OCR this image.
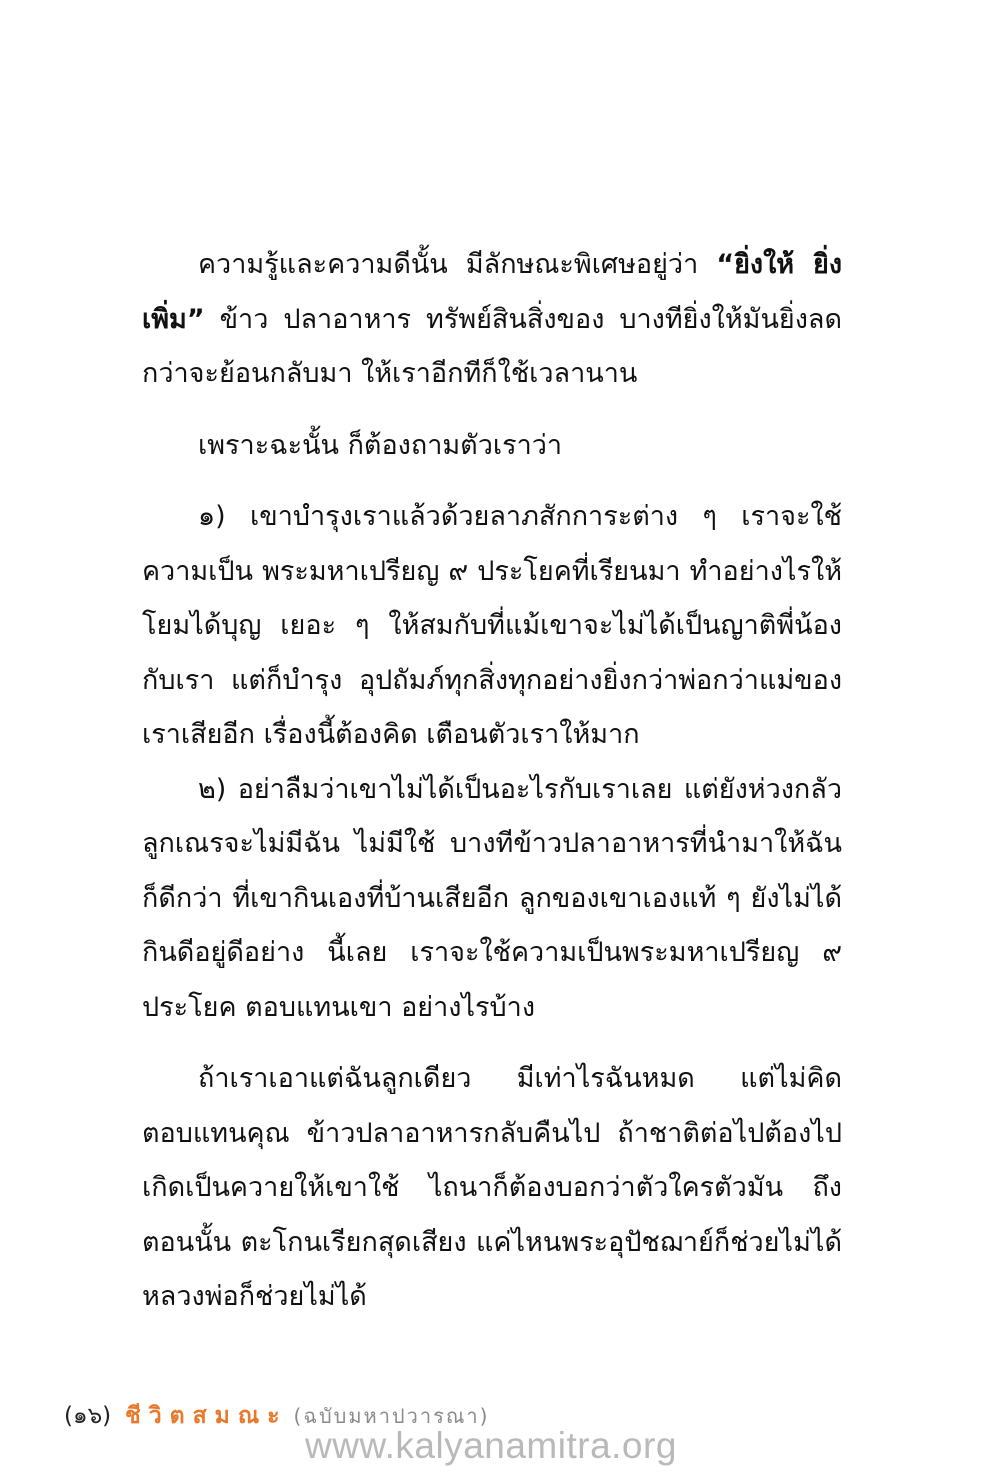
ความรู้และความดีนั้น มีลักษณะพิเศษอยู่ว่า “ยิ่งให้ ยิ่งเพิ่ม” ข้าว ปลาอาหาร ทรัพย์สินสิ่งของ บางทียิ่งให้มันยิ่งลด กว่าจะย้อนกลับมา ให้เราอีกทีก็ใช้เวลานาน

เพราะฉะนั้น ก็ต้องถามตัวเราว่า

๑) เขาบำรุงเราแล้วด้วยลาภสักการะต่าง ๆ เราจะใช้ความเป็น พระมหาเปรียญ ๙ ประโยคที่เรียนมา ทำอย่างไรให้โยมได้บุญ เยอะ ๆ ให้สมกับที่แม้เขาจะไม่ได้เป็นญาติพี่น้องกับเรา แต่ก็บำรุง อุปถัมภ์ทุกสิ่งทุกอย่างยิ่งกว่าพ่อกว่าแม่ของเราเสียอีก เรื่องนี้ต้องคิด เตือนตัวเราให้มาก

๒) อย่าลืมว่าเขาไม่ได้เป็นอะไรกับเราเลย แต่ยังห่วงกลัว ลูกเณรจะไม่มีฉัน ไม่มีใช้ บางทีข้าวปลาอาหารที่นำมาให้ฉันก็ดีกว่า ที่เขากินเองที่บ้านเสียอีก ลูกของเขาเองแท้ ๆ ยังไม่ได้กินดีอยู่ดีอย่าง นี้เลย เราจะใช้ความเป็นพระมหาเปรียญ ๙ ประโยค ตอบแทนเขา อย่างไรบ้าง

ถ้าเราเอาแต่ฉันลูกเดียว มีเท่าไรฉันหมด แต่ไม่คิดตอบแทนคุณ ข้าวปลาอาหารกลับคืนไป ถ้าชาติต่อไปต้องไปเกิดเป็นควายให้เขาใช้ ไถนาก็ต้องบอกว่าตัวใครตัวมัน ถึงตอนนั้น ตะโกนเรียกสุดเสียง แค่ไหนพระอุปัชฌาย์ก็ช่วยไม่ได้ หลวงพ่อก็ช่วยไม่ได้

(๑๖) ชีวิตสมณะ (ฉบับมหาปวารณา)
www.kalyanamitra.org
